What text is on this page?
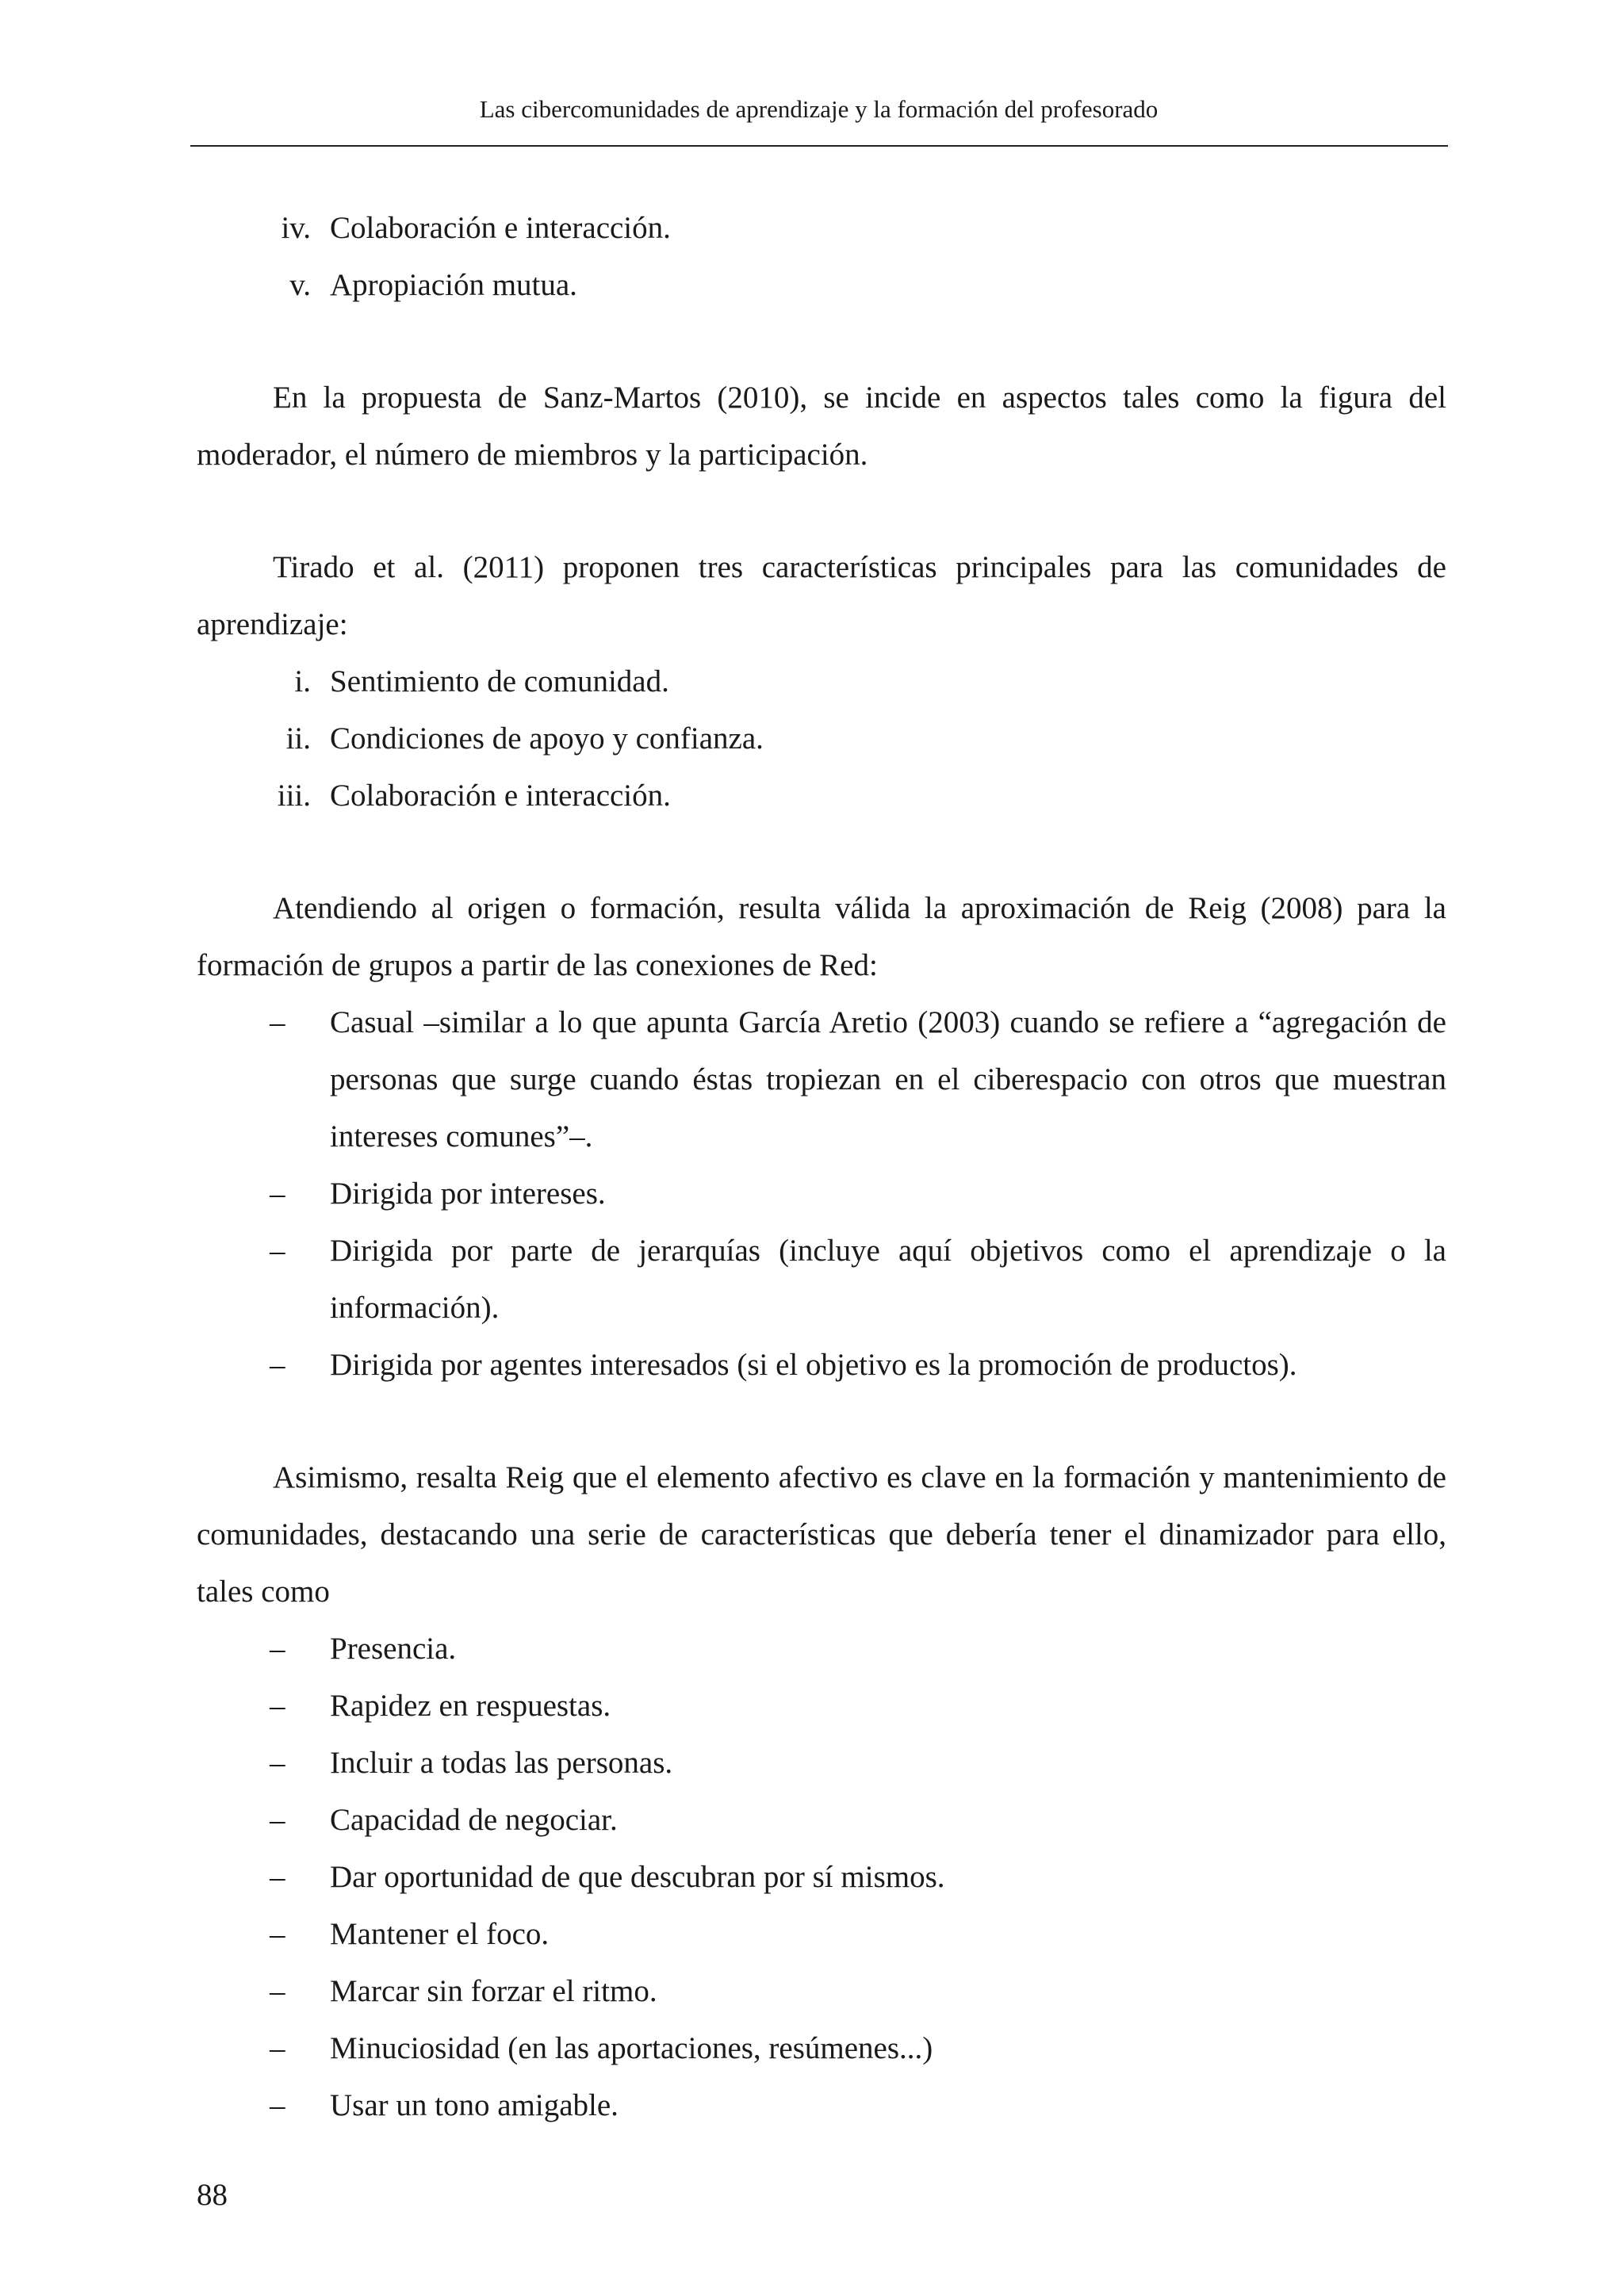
Las cibercomunidades de aprendizaje y la formación del profesorado
iv. Colaboración e interacción.
v. Apropiación mutua.

En la propuesta de Sanz-Martos (2010), se incide en aspectos tales como la figura del moderador, el número de miembros y la participación.

Tirado et al. (2011) proponen tres características principales para las comunidades de aprendizaje:

i. Sentimiento de comunidad.
ii. Condiciones de apoyo y confianza.
iii. Colaboración e interacción.

Atendiendo al origen o formación, resulta válida la aproximación de Reig (2008) para la formación de grupos a partir de las conexiones de Red:

–	Casual –similar a lo que apunta García Aretio (2003) cuando se refiere a “agregación de personas que surge cuando éstas tropiezan en el ciberespacio con otros que muestran intereses comunes”–.
–	Dirigida por intereses.
–	Dirigida por parte de jerarquías (incluye aquí objetivos como el aprendizaje o la información).
–	Dirigida por agentes interesados (si el objetivo es la promoción de productos).

Asimismo, resalta Reig que el elemento afectivo es clave en la formación y mantenimiento de comunidades, destacando una serie de características que debería tener el dinamizador para ello, tales como

–	Presencia.
–	Rapidez en respuestas.
–	Incluir a todas las personas.
–	Capacidad de negociar.
–	Dar oportunidad de que descubran por sí mismos.
–	Mantener el foco.
–	Marcar sin forzar el ritmo.
–	Minuciosidad (en las aportaciones, resúmenes...)
–	Usar un tono amigable.
88
